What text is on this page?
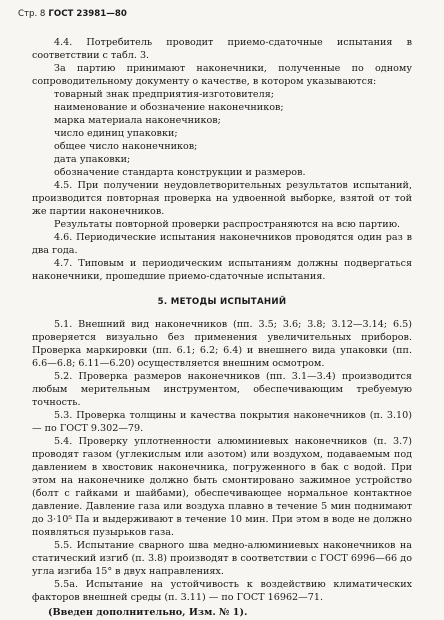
Стр. 8 ГОСТ 23981—80

4.4. Потребитель проводит приемо-сдаточные испытания в соответствии с табл. 3.

За партию принимают наконечники, полученные по одному сопроводительному документу о качестве, в котором указываются:

товарный знак предприятия-изготовителя;

наименование и обозначение наконечников;

марка материала наконечников;

число единиц упаковки;

общее число наконечников;

дата упаковки;

обозначение стандарта конструкции и размеров.

4.5. При получении неудовлетворительных результатов испытаний, производится повторная проверка на удвоенной выборке, взятой от той же партии наконечников.

Результаты повторной проверки распространяются на всю партию.

4.6. Периодические испытания наконечников проводятся один раз в два года.

4.7. Типовым и периодическим испытаниям должны подвергаться наконечники, прошедшие приемо-сдаточные испытания.

5. МЕТОДЫ ИСПЫТАНИЙ

5.1. Внешний вид наконечников (пп. 3.5; 3.6; 3.8; 3.12—3.14; 6.5) проверяется визуально без применения увеличительных приборов. Проверка маркировки (пп. 6.1; 6.2; 6.4) и внешнего вида упаковки (пп. 6.6—6.8; 6.11—6.20) осуществляется внешним осмотром.

5.2. Проверка размеров наконечников (пп. 3.1—3.4) производится любым мерительным инструментом, обеспечивающим требуемую точность.

5.3. Проверка толщины и качества покрытия наконечников (п. 3.10) — по ГОСТ 9.302—79.

5.4. Проверку уплотненности алюминиевых наконечников (п. 3.7) проводят газом (углекислым или азотом) или воздухом, подаваемым под давлением в хвостовик наконечника, погруженного в бак с водой. При этом на наконечнике должно быть смонтировано зажимное устройство (болт с гайками и шайбами), обеспечивающее нормальное контактное давление. Давление газа или воздуха плавно в течение 5 мин поднимают до 3·10⁵ Па и выдерживают в течение 10 мин. При этом в воде не должно появляться пузырьков газа.

5.5. Испытание сварного шва медно-алюминиевых наконечников на статический изгиб (п. 3.8) производят в соответствии с ГОСТ 6996—66 до угла изгиба 15° в двух направлениях.

5.5а. Испытание на устойчивость к воздействию климатических факторов внешней среды (п. 3.11) — по ГОСТ 16962—71.

(Введен дополнительно, Изм. № 1).
